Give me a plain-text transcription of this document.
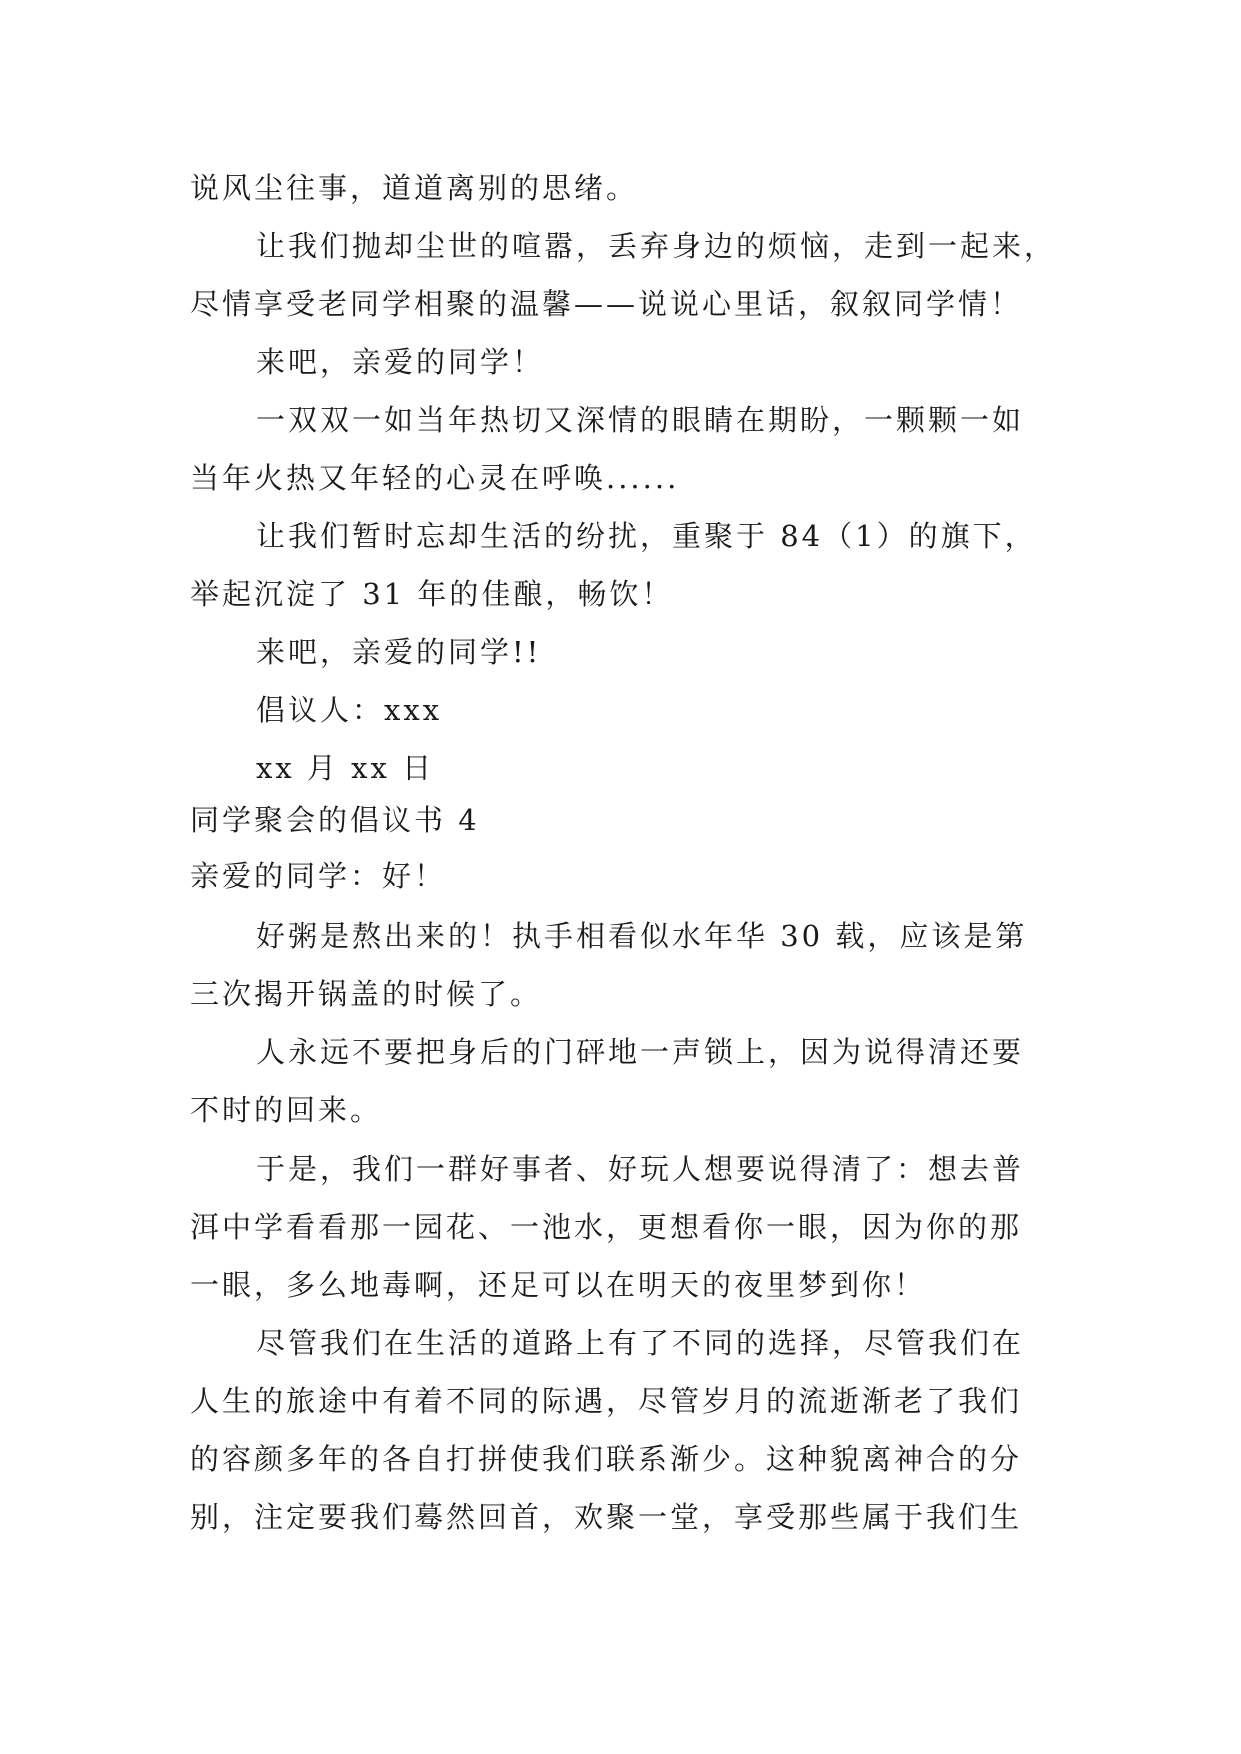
说风尘往事，道道离别的思绪。
让我们抛却尘世的喧嚣，丢弃身边的烦恼，走到一起来，
尽情享受老同学相聚的温馨——说说心里话，叙叙同学情！
来吧，亲爱的同学！
一双双一如当年热切又深情的眼睛在期盼，一颗颗一如
当年火热又年轻的心灵在呼唤......
让我们暂时忘却生活的纷扰，重聚于 84（1）的旗下，
举起沉淀了 31 年的佳酿，畅饮！
来吧，亲爱的同学!!
倡议人：xxx
xx 月 xx 日
同学聚会的倡议书 4
亲爱的同学：好！
好粥是熬出来的！执手相看似水年华 30 载，应该是第
三次揭开锅盖的时候了。
人永远不要把身后的门砰地一声锁上，因为说得清还要
不时的回来。
于是，我们一群好事者、好玩人想要说得清了：想去普
洱中学看看那一园花、一池水，更想看你一眼，因为你的那
一眼，多么地毒啊，还足可以在明天的夜里梦到你！
尽管我们在生活的道路上有了不同的选择，尽管我们在
人生的旅途中有着不同的际遇，尽管岁月的流逝渐老了我们
的容颜多年的各自打拼使我们联系渐少。这种貌离神合的分
别，注定要我们蓦然回首，欢聚一堂，享受那些属于我们生
